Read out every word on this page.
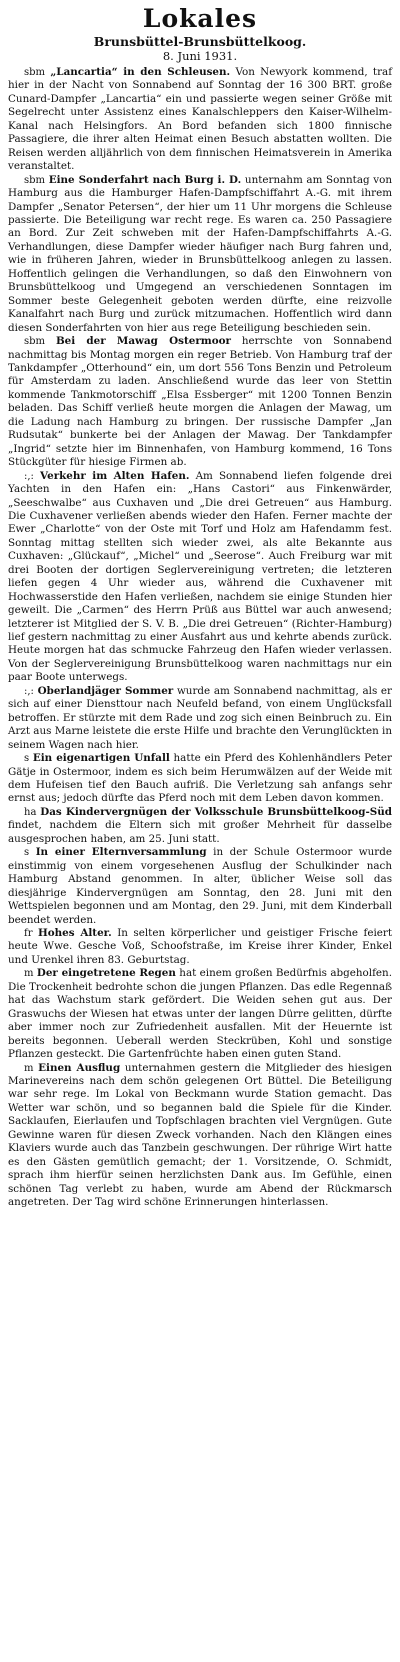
Lokales
Brunsbüttel-Brunsbüttelkoog.
8. Juni 1931.

sbm „Lancartia“ in den Schleusen. Von Newyork kommend, traf hier in der Nacht von Sonnabend auf Sonntag der 16 300 BRT. große Cunard-Dampfer „Lancartia“ ein und passierte wegen seiner Größe mit Segelrecht unter Assistenz eines Kanalschleppers den Kaiser-Wilhelm-Kanal nach Helsingfors. An Bord befanden sich 1800 finnische Passagiere, die ihrer alten Heimat einen Besuch abstatten wollten. Die Reisen werden alljährlich von dem finnischen Heimatsverein in Amerika veranstaltet.

sbm Eine Sonderfahrt nach Burg i. D. unternahm am Sonntag von Hamburg aus die Hamburger Hafen-Dampfschiffahrt A.-G. mit ihrem Dampfer „Senator Petersen“, der hier um 11 Uhr morgens die Schleuse passierte. Die Beteiligung war recht rege. Es waren ca. 250 Passagiere an Bord. Zur Zeit schweben mit der Hafen-Dampfschiffahrts A.-G. Verhandlungen, diese Dampfer wieder häufiger nach Burg fahren und, wie in früheren Jahren, wieder in Brunsbüttelkoog anlegen zu lassen. Hoffentlich gelingen die Verhandlungen, so daß den Einwohnern von Brunsbüttelkoog und Umgegend an verschiedenen Sonntagen im Sommer beste Gelegenheit geboten werden dürfte, eine reizvolle Kanalfahrt nach Burg und zurück mitzumachen. Hoffentlich wird dann diesen Sonderfahrten von hier aus rege Beteiligung beschieden sein.

sbm Bei der Mawag Ostermoor herrschte von Sonnabend nachmittag bis Montag morgen ein reger Betrieb. Von Hamburg traf der Tankdampfer „Otterhound“ ein, um dort 556 Tons Benzin und Petroleum für Amsterdam zu laden. Anschließend wurde das leer von Stettin kommende Tankmotorschiff „Elsa Essberger“ mit 1200 Tonnen Benzin beladen. Das Schiff verließ heute morgen die Anlagen der Mawag, um die Ladung nach Hamburg zu bringen. Der russische Dampfer „Jan Rudsutak“ bunkerte bei der Anlagen der Mawag. Der Tankdampfer „Ingrid“ setzte hier im Binnenhafen, von Hamburg kommend, 16 Tons Stückgüter für hiesige Firmen ab.

:,: Verkehr im Alten Hafen. Am Sonnabend liefen folgende drei Yachten in den Hafen ein: „Hans Castori“ aus Finkenwärder, „Seeschwalbe“ aus Cuxhaven und „Die drei Getreuen“ aus Hamburg. Die Cuxhavener verließen abends wieder den Hafen. Ferner machte der Ewer „Charlotte“ von der Oste mit Torf und Holz am Hafendamm fest. Sonntag mittag stellten sich wieder zwei, als alte Bekannte aus Cuxhaven: „Glückauf“, „Michel“ und „Seerose“. Auch Freiburg war mit drei Booten der dortigen Seglervereinigung vertreten; die letzteren liefen gegen 4 Uhr wieder aus, während die Cuxhavener mit Hochwasserstide den Hafen verließen, nachdem sie einige Stunden hier geweilt. Die „Carmen“ des Herrn Prüß aus Büttel war auch anwesend; letzterer ist Mitglied der S. V. B. „Die drei Getreuen“ (Richter-Hamburg) lief gestern nachmittag zu einer Ausfahrt aus und kehrte abends zurück. Heute morgen hat das schmucke Fahrzeug den Hafen wieder verlassen. Von der Seglervereinigung Brunsbüttelkoog waren nachmittags nur ein paar Boote unterwegs.

:,: Oberlandjäger Sommer wurde am Sonnabend nachmittag, als er sich auf einer Diensttour nach Neufeld befand, von einem Unglücksfall betroffen. Er stürzte mit dem Rade und zog sich einen Beinbruch zu. Ein Arzt aus Marne leistete die erste Hilfe und brachte den Verunglückten in seinem Wagen nach hier.

s Ein eigenartigen Unfall hatte ein Pferd des Kohlenhändlers Peter Gätje in Ostermoor, indem es sich beim Herumwälzen auf der Weide mit dem Hufeisen tief den Bauch aufriß. Die Verletzung sah anfangs sehr ernst aus; jedoch dürfte das Pferd noch mit dem Leben davon kommen.

ha Das Kindervergnügen der Volksschule Brunsbüttelkoog-Süd findet, nachdem die Eltern sich mit großer Mehrheit für dasselbe ausgesprochen haben, am 25. Juni statt.

s In einer Elternversammlung in der Schule Ostermoor wurde einstimmig von einem vorgesehenen Ausflug der Schulkinder nach Hamburg Abstand genommen. In alter, üblicher Weise soll das diesjährige Kindervergnügen am Sonntag, den 28. Juni mit den Wettspielen begonnen und am Montag, den 29. Juni, mit dem Kinderball beendet werden.

fr Hohes Alter. In selten körperlicher und geistiger Frische feiert heute Wwe. Gesche Voß, Schoofstraße, im Kreise ihrer Kinder, Enkel und Urenkel ihren 83. Geburtstag.

m Der eingetretene Regen hat einem großen Bedürfnis abgeholfen. Die Trockenheit bedrohte schon die jungen Pflanzen. Das edle Regennaß hat das Wachstum stark gefördert. Die Weiden sehen gut aus. Der Graswuchs der Wiesen hat etwas unter der langen Dürre gelitten, dürfte aber immer noch zur Zufriedenheit ausfallen. Mit der Heuernte ist bereits begonnen. Ueberall werden Steckrüben, Kohl und sonstige Pflanzen gesteckt. Die Gartenfrüchte haben einen guten Stand.

m Einen Ausflug unternahmen gestern die Mitglieder des hiesigen Marinevereins nach dem schön gelegenen Ort Büttel. Die Beteiligung war sehr rege. Im Lokal von Beckmann wurde Station gemacht. Das Wetter war schön, und so begannen bald die Spiele für die Kinder. Sacklaufen, Eierlaufen und Topfschlagen brachten viel Vergnügen. Gute Gewinne waren für diesen Zweck vorhanden. Nach den Klängen eines Klaviers wurde auch das Tanzbein geschwungen. Der rührige Wirt hatte es den Gästen gemütlich gemacht; der 1. Vorsitzende, O. Schmidt, sprach ihm hierfür seinen herzlichsten Dank aus. Im Gefühle, einen schönen Tag verlebt zu haben, wurde am Abend der Rückmarsch angetreten. Der Tag wird schöne Erinnerungen hinterlassen.
